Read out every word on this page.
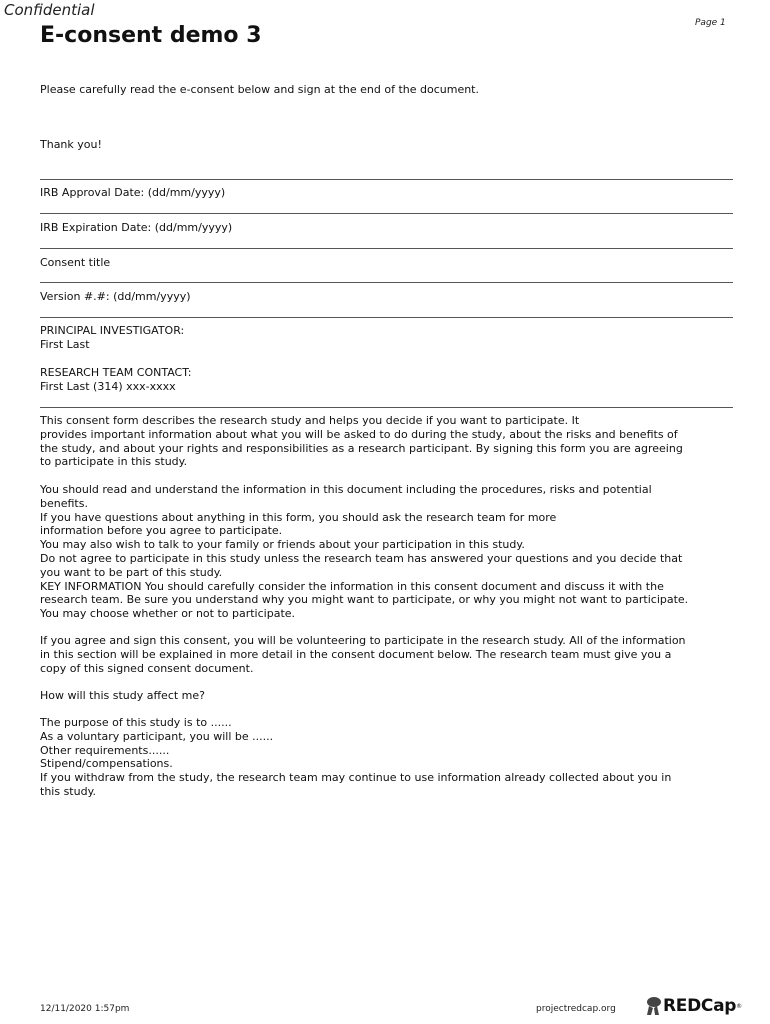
Confidential
Page 1
E-consent demo 3

Please carefully read the e-consent below and sign at the end of the document.

Thank you!

IRB Approval Date: (dd/mm/yyyy)

IRB Expiration Date: (dd/mm/yyyy)

Consent title

Version #.#: (dd/mm/yyyy)

PRINCIPAL INVESTIGATOR:

First Last

RESEARCH TEAM CONTACT:

First Last (314) xxx-xxxx

This consent form describes the research study and helps you decide if you want to participate. It

provides important information about what you will be asked to do during the study, about the risks and benefits of

the study, and about your rights and responsibilities as a research participant. By signing this form you are agreeing

to participate in this study.

You should read and understand the information in this document including the procedures, risks and potential

benefits.

If you have questions about anything in this form, you should ask the research team for more

information before you agree to participate.

You may also wish to talk to your family or friends about your participation in this study.

Do not agree to participate in this study unless the research team has answered your questions and you decide that

you want to be part of this study.

KEY INFORMATION You should carefully consider the information in this consent document and discuss it with the

research team. Be sure you understand why you might want to participate, or why you might not want to participate.

You may choose whether or not to participate.

If you agree and sign this consent, you will be volunteering to participate in the research study. All of the information

in this section will be explained in more detail in the consent document below. The research team must give you a

copy of this signed consent document.

How will this study affect me?

The purpose of this study is to ......

As a voluntary participant, you will be ......

Other requirements......

Stipend/compensations.

If you withdraw from the study, the research team may continue to use information already collected about you in

this study.

12/11/2020 1:57pm	projectredcap.org	REDCap ®
